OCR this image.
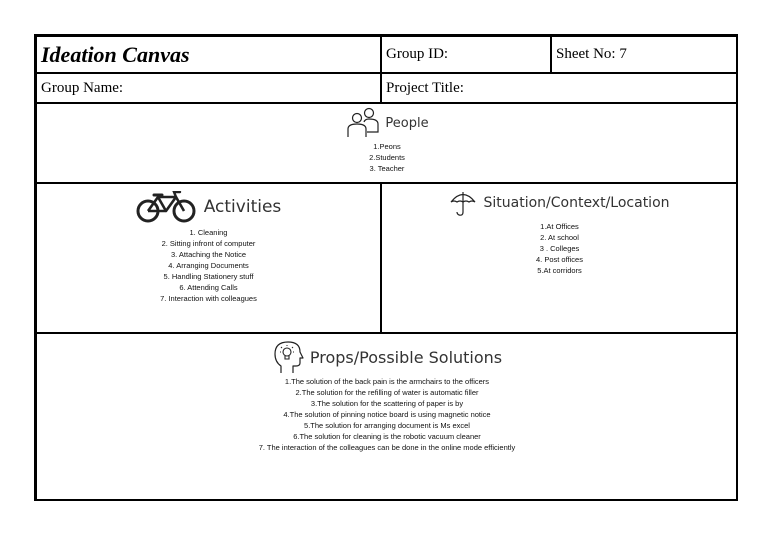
Ideation Canvas	Group ID:	Sheet No: 7
Group Name:	Project Title:
People
1.Peons
2.Students
3. Teacher
Activities
1. Cleaning
2. Sitting infront of computer
3. Attaching the Notice
4. Arranging Documents
5. Handling Stationery stuff
6. Attending Calls
7. Interaction with colleagues
Situation/Context/Location
1.At Offices
2. At school
3 . Colleges
4. Post offices
5.At corridors
Props/Possible Solutions
1.The solution of the back pain is the armchairs to the officers
2.The solution for the refilling of water is automatic filler
3.The solution for the scattering of paper is by
4.The solution of pinning notice board is using magnetic notice
5.The solution for arranging document is Ms excel
6.The solution for cleaning is the robotic vacuum cleaner
7. The interaction of the colleagues can be done in the online mode efficiently
